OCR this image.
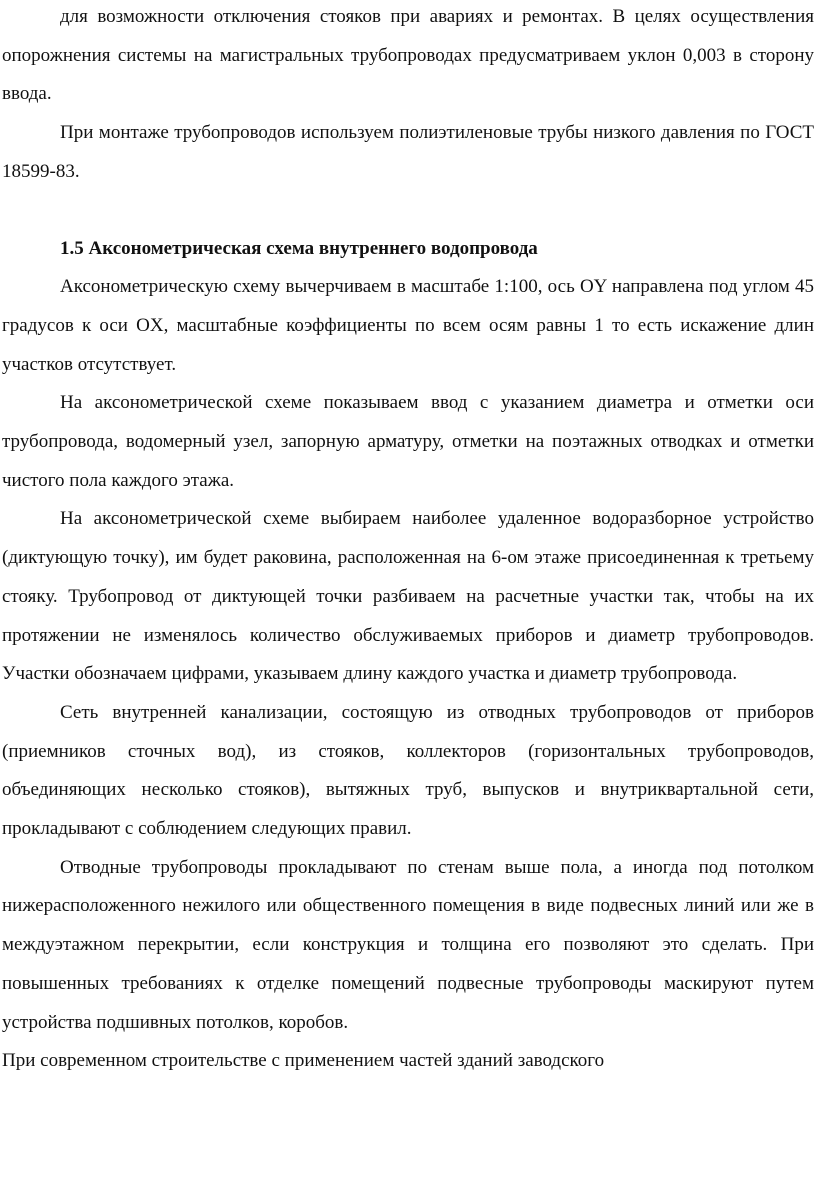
для возможности отключения стояков при авариях и ремонтах. В целях осуществления опорожнения системы на магистральных трубопроводах предусматриваем уклон 0,003 в сторону ввода.

При монтаже трубопроводов используем полиэтиленовые трубы низкого давления по ГОСТ 18599-83.

1.5 Аксонометрическая схема внутреннего водопровода

Аксонометрическую схему вычерчиваем в масштабе 1:100, ось OY направлена под углом 45 градусов к оси OX, масштабные коэффициенты по всем осям равны 1 то есть искажение длин участков отсутствует.

На аксонометрической схеме показываем ввод с указанием диаметра и отметки оси трубопровода, водомерный узел, запорную арматуру, отметки на поэтажных отводках и отметки чистого пола каждого этажа.

На аксонометрической схеме выбираем наиболее удаленное водоразборное устройство (диктующую точку), им будет раковина, расположенная на 6-ом этаже присоединенная к третьему стояку. Трубопровод от диктующей точки разбиваем на расчетные участки так, чтобы на их протяжении не изменялось количество обслуживаемых приборов и диаметр трубопроводов. Участки обозначаем цифрами, указываем длину каждого участка и диаметр трубопровода.

Сеть внутренней канализации, состоящую из отводных трубопроводов от приборов (приемников сточных вод), из стояков, коллекторов (горизонтальных трубопроводов, объединяющих несколько стояков), вытяжных труб, выпусков и внутриквартальной сети, прокладывают с соблюдением следующих правил.

Отводные трубопроводы прокладывают по стенам выше пола, а иногда под потолком нижерасположенного нежилого или общественного помещения в виде подвесных линий или же в междуэтажном перекрытии, если конструкция и толщина его позволяют это сделать. При повышенных требованиях к отделке помещений подвесные трубопроводы маскируют путем устройства подшивных потолков, коробов.

При современном строительстве с применением частей зданий заводского
